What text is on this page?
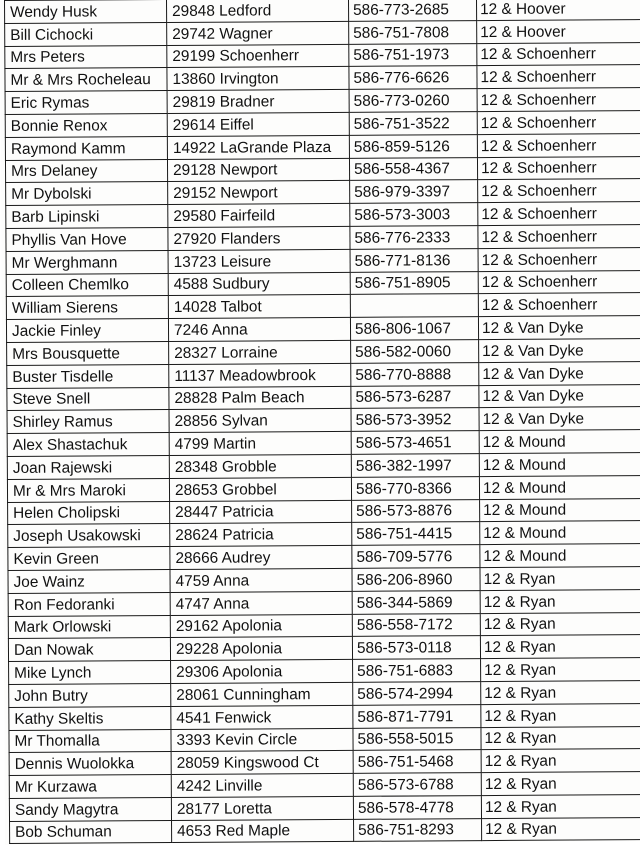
Wendy Husk	29848 Ledford	586-773-2685	12 & Hoover
Bill Cichocki	29742 Wagner	586-751-7808	12 & Hoover
Mrs Peters	29199 Schoenherr	586-751-1973	12 & Schoenherr
Mr & Mrs Rocheleau	13860 Irvington	586-776-6626	12 & Schoenherr
Eric Rymas	29819 Bradner	586-773-0260	12 & Schoenherr
Bonnie Renox	29614 Eiffel	586-751-3522	12 & Schoenherr
Raymond Kamm	14922 LaGrande Plaza	586-859-5126	12 & Schoenherr
Mrs Delaney	29128 Newport	586-558-4367	12 & Schoenherr
Mr Dybolski	29152 Newport	586-979-3397	12 & Schoenherr
Barb Lipinski	29580 Fairfeild	586-573-3003	12 & Schoenherr
Phyllis Van Hove	27920 Flanders	586-776-2333	12 & Schoenherr
Mr Werghmann	13723 Leisure	586-771-8136	12 & Schoenherr
Colleen Chemlko	4588 Sudbury	586-751-8905	12 & Schoenherr
William Sierens	14028 Talbot		12 & Schoenherr
Jackie Finley	7246 Anna	586-806-1067	12 & Van Dyke
Mrs Bousquette	28327 Lorraine	586-582-0060	12 & Van Dyke
Buster Tisdelle	11137 Meadowbrook	586-770-8888	12 & Van Dyke
Steve Snell	28828 Palm Beach	586-573-6287	12 & Van Dyke
Shirley Ramus	28856 Sylvan	586-573-3952	12 & Van Dyke
Alex Shastachuk	4799 Martin	586-573-4651	12 & Mound
Joan Rajewski	28348 Grobble	586-382-1997	12 & Mound
Mr & Mrs Maroki	28653 Grobbel	586-770-8366	12 & Mound
Helen Cholipski	28447 Patricia	586-573-8876	12 & Mound
Joseph Usakowski	28624 Patricia	586-751-4415	12 & Mound
Kevin Green	28666 Audrey	586-709-5776	12 & Mound
Joe Wainz	4759 Anna	586-206-8960	12 & Ryan
Ron Fedoranki	4747 Anna	586-344-5869	12 & Ryan
Mark Orlowski	29162 Apolonia	586-558-7172	12 & Ryan
Dan Nowak	29228 Apolonia	586-573-0118	12 & Ryan
Mike Lynch	29306 Apolonia	586-751-6883	12 & Ryan
John Butry	28061 Cunningham	586-574-2994	12 & Ryan
Kathy Skeltis	4541 Fenwick	586-871-7791	12 & Ryan
Mr Thomalla	3393 Kevin Circle	586-558-5015	12 & Ryan
Dennis Wuolokka	28059 Kingswood Ct	586-751-5468	12 & Ryan
Mr Kurzawa	4242 Linville	586-573-6788	12 & Ryan
Sandy Magytra	28177 Loretta	586-578-4778	12 & Ryan
Bob Schuman	4653 Red Maple	586-751-8293	12 & Ryan
